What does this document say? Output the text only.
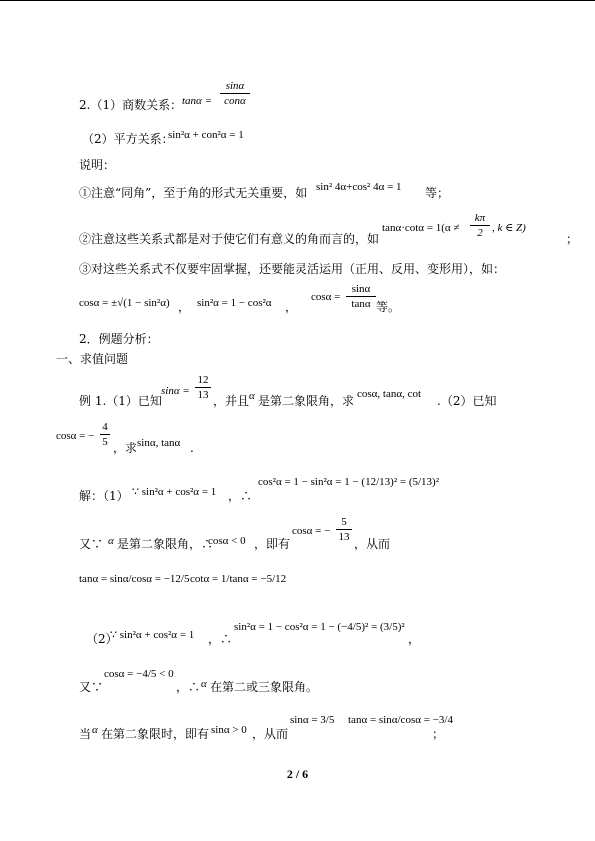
2.（1）商数关系： tanα =
sinα
conα
（2）平方关系：
sin²α + con²α = 1
说明：
①注意“同角”，至于角的形式无关重要，如 sin² 4α+cos² 4α = 1 等；
②注意这些关系式都是对于使它们有意义的角而言的，如
tanα·cotα = 1(α ≠
kπ
2 , k ∈ Z)
；
③对这些关系式不仅要牢固掌握，还要能灵活运用（正用、反用、变形用），如：
cosα = ±√(1 − sin²α) ， sin²α = 1 − cos²α ，
cosα =
sinα
tanα 等。
2．例题分析：
一、求值问题
例 1.（1）已知
sinα =
12
13 ，并且 α 是第二象限角，求 cosα, tanα, cot .（2）已知
cosα = −
4
5 ，求 sinα, tanα .
解：（1） ∵ sin²α + cos²α = 1 ，∴
cos²α = 1 − sin²α = 1 − (12/13)² = (5/13)²
又∵ α 是第二象限角，∴
cosα < 0 ，即有
cosα = −
5
13 ，从而
tanα = sinα/cosα = −12/5 cotα = 1/tanα = −5/12
（2）
∵ sin²α + cos²α = 1 ，∴
sin²α = 1 − cos²α = 1 − (−4/5)² = (3/5)²
，
又∵
cosα = −4/5 < 0
，∴ α 在第二或三象限角。
当 α 在第二象限时，即有 sinα > 0 ，从而
sinα = 3/5 tanα = sinα/cosα = −3/4
；
2 / 6
